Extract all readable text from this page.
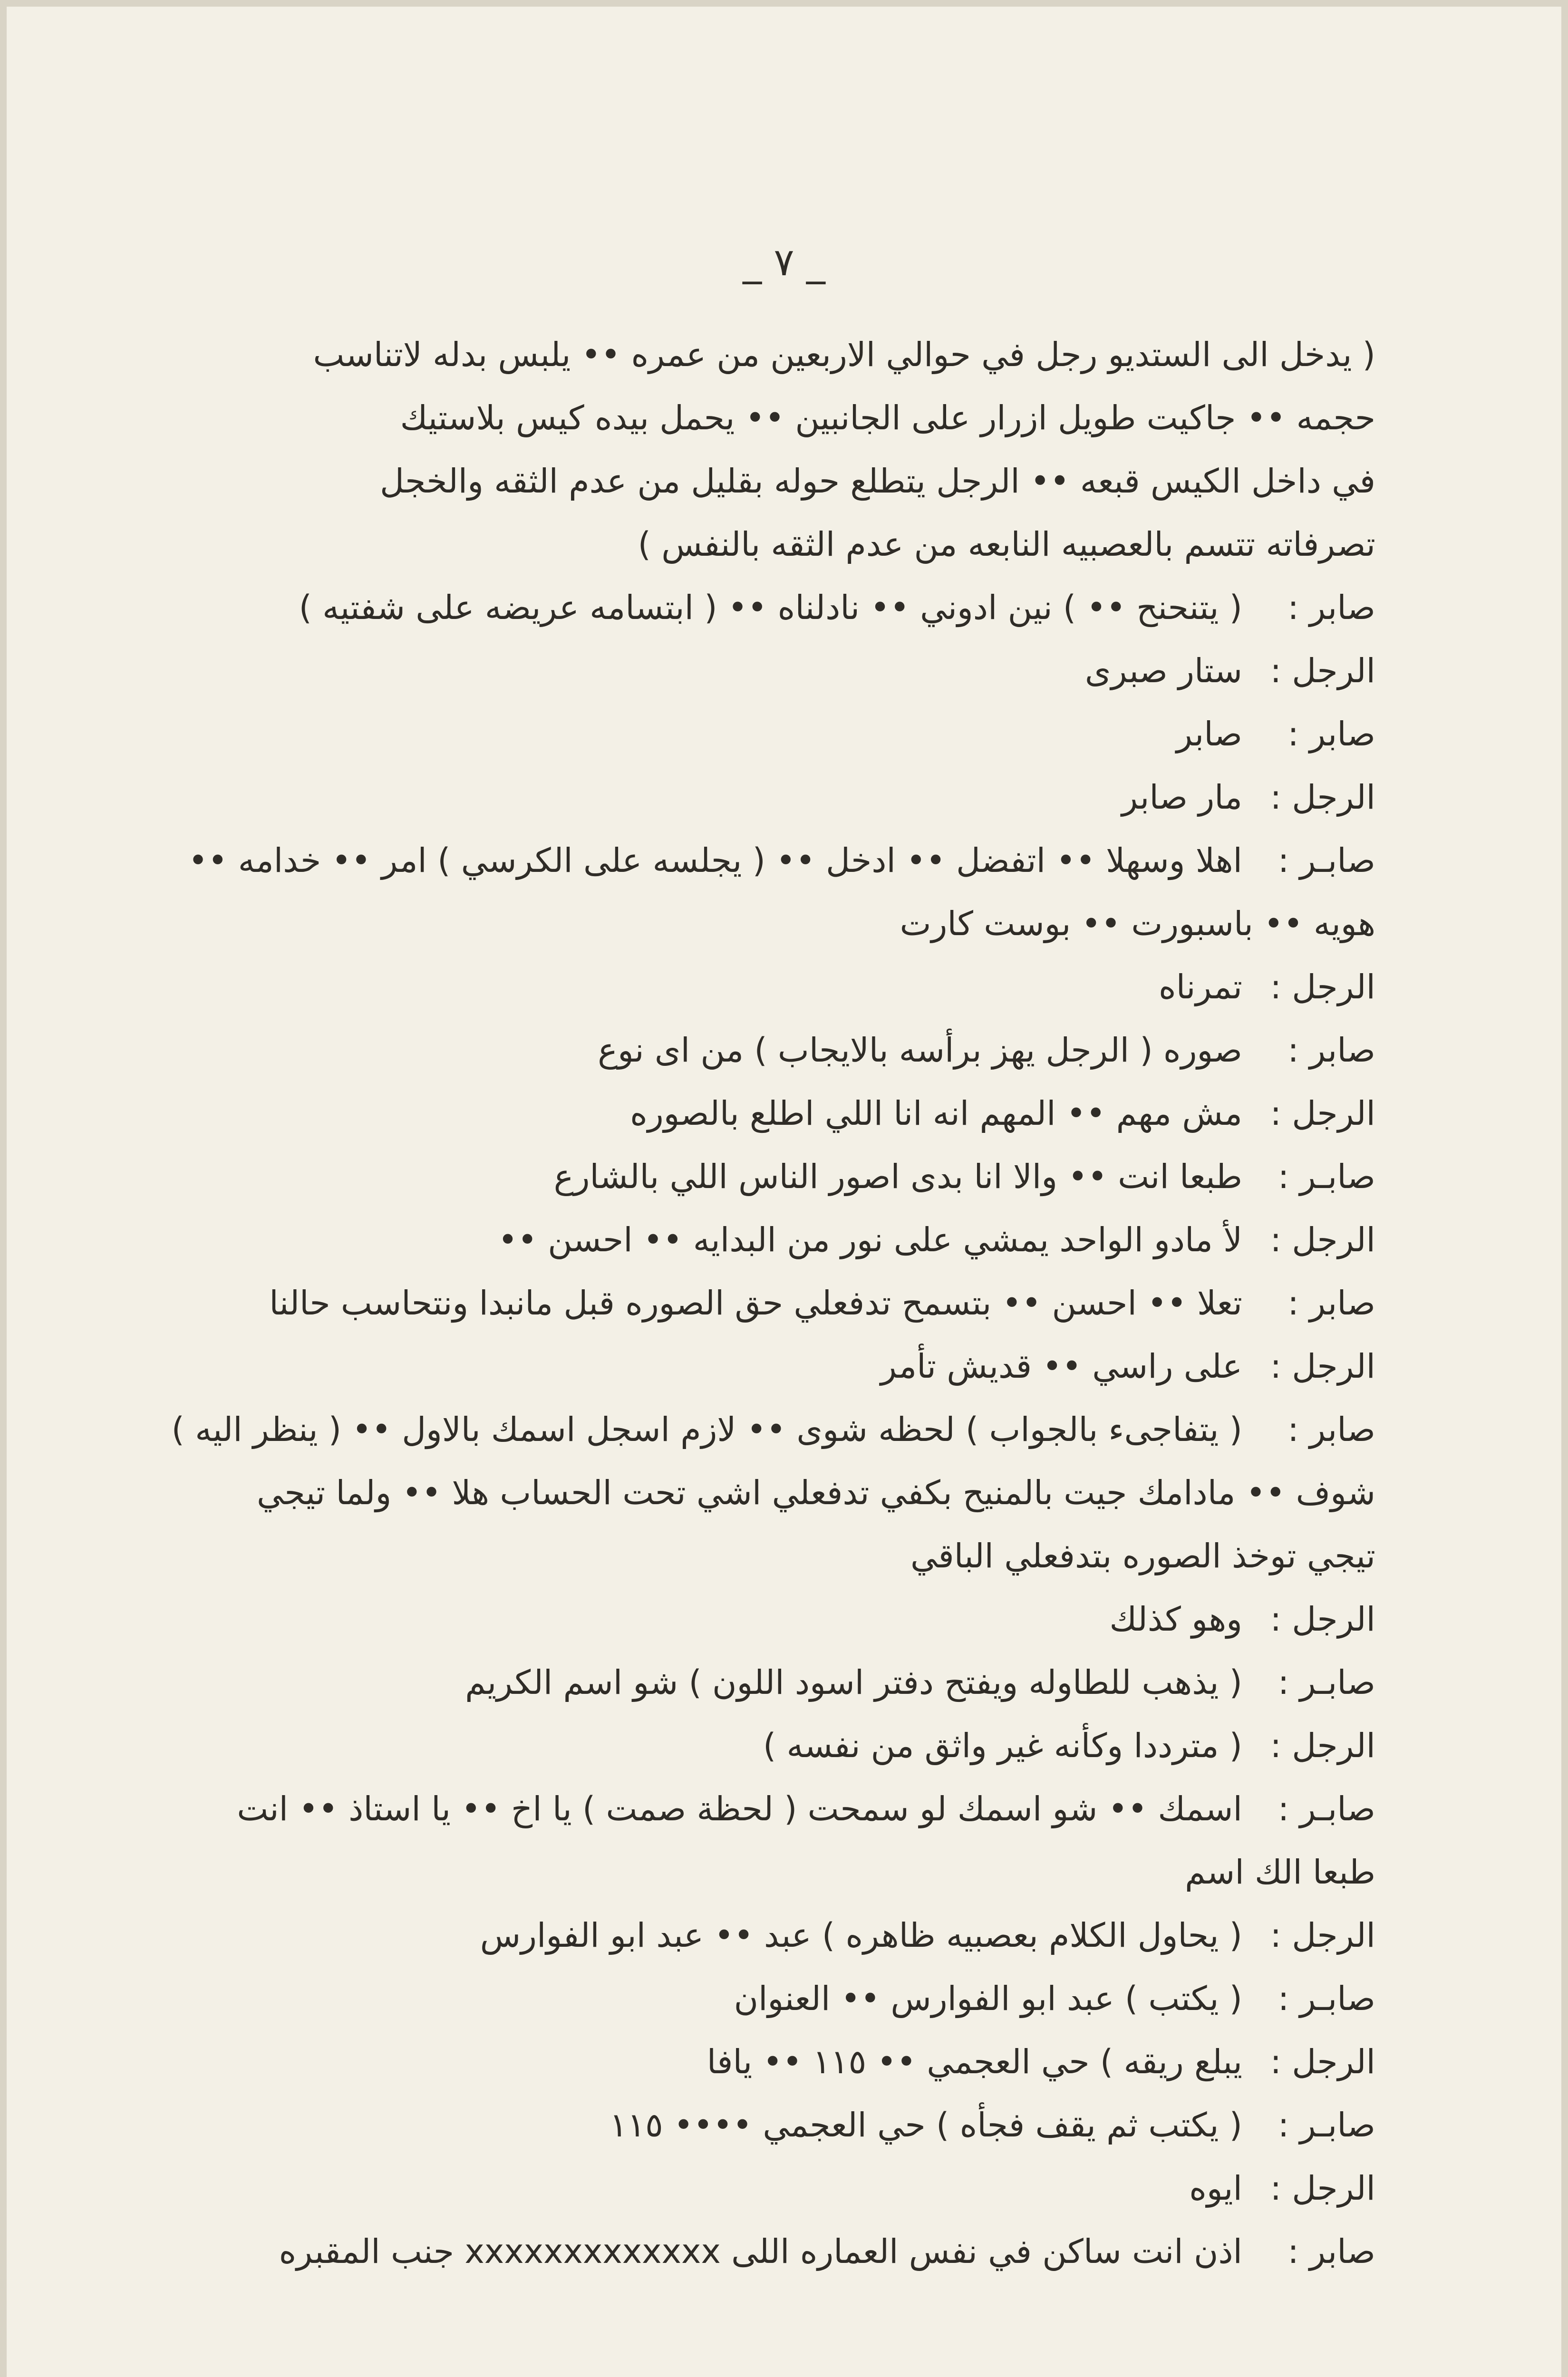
_ ٧ _
( يدخل الى الستديو رجل في حوالي الاربعين من عمره •• يلبس بدله لاتناسب
حجمه •• جاكيت طويل ازرار على الجانبين •• يحمل بيده كيس بلاستيك
في داخل الكيس قبعه •• الرجل يتطلع حوله بقليل من عدم الثقه والخجل
تصرفاته تتسم بالعصبيه النابعه من عدم الثقه بالنفس )
صابر :
( يتنحنح •• ) نين ادوني •• نادلناه •• ( ابتسامه عريضه على شفتيه )
الرجل :
ستار صبرى
صابر :
صابر
الرجل :
مار صابر
صابـر :
اهلا وسهلا •• اتفضل •• ادخل •• ( يجلسه على الكرسي ) امر •• خدامه ••
هويه •• باسبورت •• بوست كارت
الرجل :
تمرناه
صابر :
صوره ( الرجل يهز برأسه بالايجاب ) من اى نوع
الرجل :
مش مهم •• المهم انه انا اللي اطلع بالصوره
صابـر :
طبعا انت •• والا انا بدى اصور الناس اللي بالشارع
الرجل :
لأ مادو الواحد يمشي على نور من البدايه •• احسن ••
صابر :
تعلا •• احسن •• بتسمح تدفعلي حق الصوره قبل مانبدا ونتحاسب حالنا
الرجل :
على راسي •• قديش تأمر
صابر :
( يتفاجىء بالجواب ) لحظه شوى •• لازم اسجل اسمك بالاول •• ( ينظر اليه )
شوف •• مادامك جيت بالمنيح بكفي تدفعلي اشي تحت الحساب هلا •• ولما تيجي
تيجي توخذ الصوره بتدفعلي الباقي
الرجل :
وهو كذلك
صابـر :
( يذهب للطاوله ويفتح دفتر اسود اللون ) شو اسم الكريم
الرجل :
( مترددا وكأنه غير واثق من نفسه )
صابـر :
اسمك •• شو اسمك لو سمحت ( لحظة صمت ) يا اخ •• يا استاذ •• انت
طبعا الك اسم
الرجل :
( يحاول الكلام بعصبيه ظاهره ) عبد •• عبد ابو الفوارس
صابـر :
( يكتب ) عبد ابو الفوارس •• العنوان
الرجل :
يبلع ريقه ) حي العجمي •• ١١٥ •• يافا
صابـر :
( يكتب ثم يقف فجأه ) حي العجمي •••• ١١٥
الرجل :
ايوه
صابر :
اذن انت ساكن في نفس العماره اللى xxxxxxxxxxxxx جنب المقبره
